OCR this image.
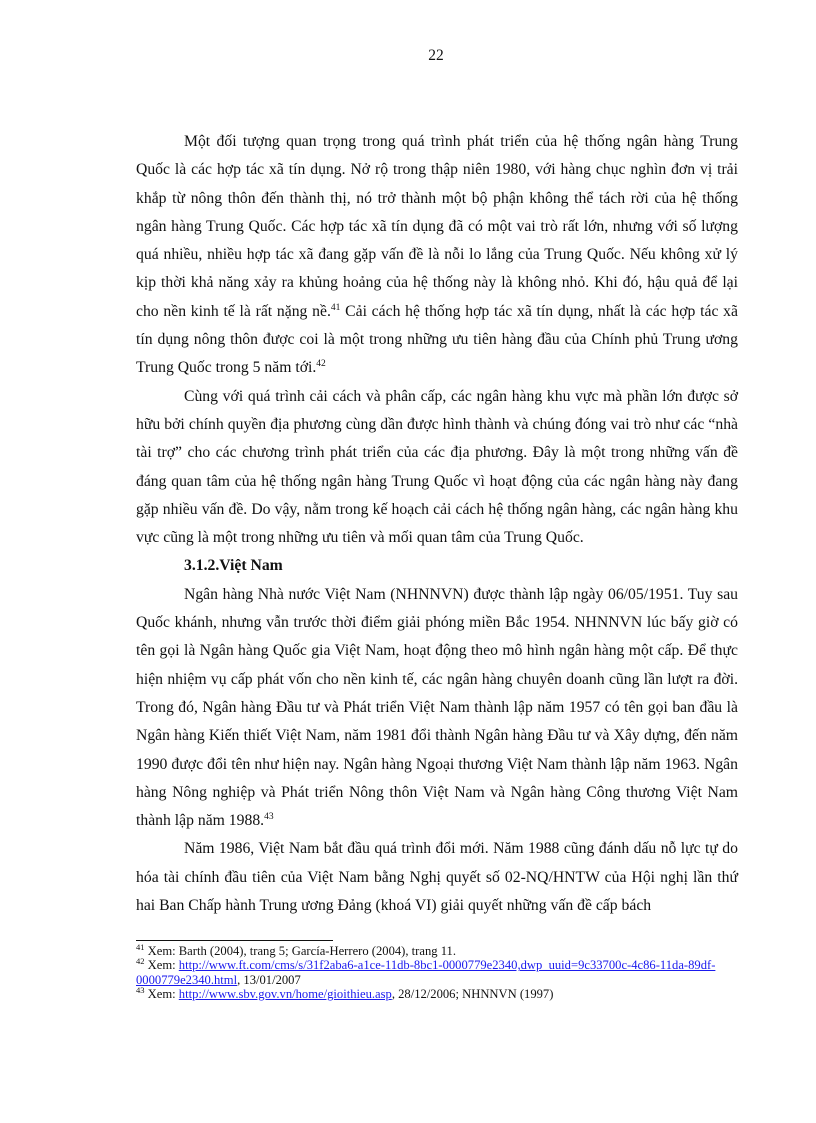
22

Một đối tượng quan trọng trong quá trình phát triển của hệ thống ngân hàng Trung Quốc là các hợp tác xã tín dụng. Nở rộ trong thập niên 1980, với hàng chục nghìn đơn vị trải khắp từ nông thôn đến thành thị, nó trở thành một bộ phận không thể tách rời của hệ thống ngân hàng Trung Quốc. Các hợp tác xã tín dụng đã có một vai trò rất lớn, nhưng với số lượng quá nhiều, nhiều hợp tác xã đang gặp vấn đề là nỗi lo lắng của Trung Quốc. Nếu không xử lý kịp thời khả năng xảy ra khủng hoảng của hệ thống này là không nhỏ. Khi đó, hậu quả để lại cho nền kinh tế là rất nặng nề.$^{41}$ Cải cách hệ thống hợp tác xã tín dụng, nhất là các hợp tác xã tín dụng nông thôn được coi là một trong những ưu tiên hàng đầu của Chính phủ Trung ương Trung Quốc trong 5 năm tới.$^{42}$

Cùng với quá trình cải cách và phân cấp, các ngân hàng khu vực mà phần lớn được sở hữu bởi chính quyền địa phương cùng dần được hình thành và chúng đóng vai trò như các “nhà tài trợ” cho các chương trình phát triển của các địa phương. Đây là một trong những vấn đề đáng quan tâm của hệ thống ngân hàng Trung Quốc vì hoạt động của các ngân hàng này đang gặp nhiều vấn đề. Do vậy, nằm trong kế hoạch cải cách hệ thống ngân hàng, các ngân hàng khu vực cũng là một trong những ưu tiên và mối quan tâm của Trung Quốc.

3.1.2.Việt Nam

Ngân hàng Nhà nước Việt Nam (NHNNVN) được thành lập ngày 06/05/1951. Tuy sau Quốc khánh, nhưng vẫn trước thời điểm giải phóng miền Bắc 1954. NHNNVN lúc bấy giờ có tên gọi là Ngân hàng Quốc gia Việt Nam, hoạt động theo mô hình ngân hàng một cấp. Để thực hiện nhiệm vụ cấp phát vốn cho nền kinh tế, các ngân hàng chuyên doanh cũng lần lượt ra đời. Trong đó, Ngân hàng Đầu tư và Phát triển Việt Nam thành lập năm 1957 có tên gọi ban đầu là Ngân hàng Kiến thiết Việt Nam, năm 1981 đổi thành Ngân hàng Đầu tư và Xây dựng, đến năm 1990 được đổi tên như hiện nay. Ngân hàng Ngoại thương Việt Nam thành lập năm 1963. Ngân hàng Nông nghiệp và Phát triển Nông thôn Việt Nam và Ngân hàng Công thương Việt Nam thành lập năm 1988.43

Năm 1986, Việt Nam bắt đầu quá trình đổi mới. Năm 1988 cũng đánh dấu nỗ lực tự do hóa tài chính đầu tiên của Việt Nam bằng Nghị quyết số 02-NQ/HNTW của Hội nghị lần thứ hai Ban Chấp hành Trung ương Đảng (khoá VI) giải quyết những vấn đề cấp bách

$^{41}$ Xem: Barth (2004), trang 5; García-Herrero (2004), trang 11.

$^{42}$ Xem: http://www.ft.com/cms/s/31f2aba6-a1ce-11db-8bc1-0000779e2340,dwp_uuid=9c33700c-4c86-11da-89df-0000779e2340.html, 13/01/2007

$^{43}$ Xem: http://www.sbv.gov.vn/home/gioithieu.asp, 28/12/2006; NHNNVN (1997)
